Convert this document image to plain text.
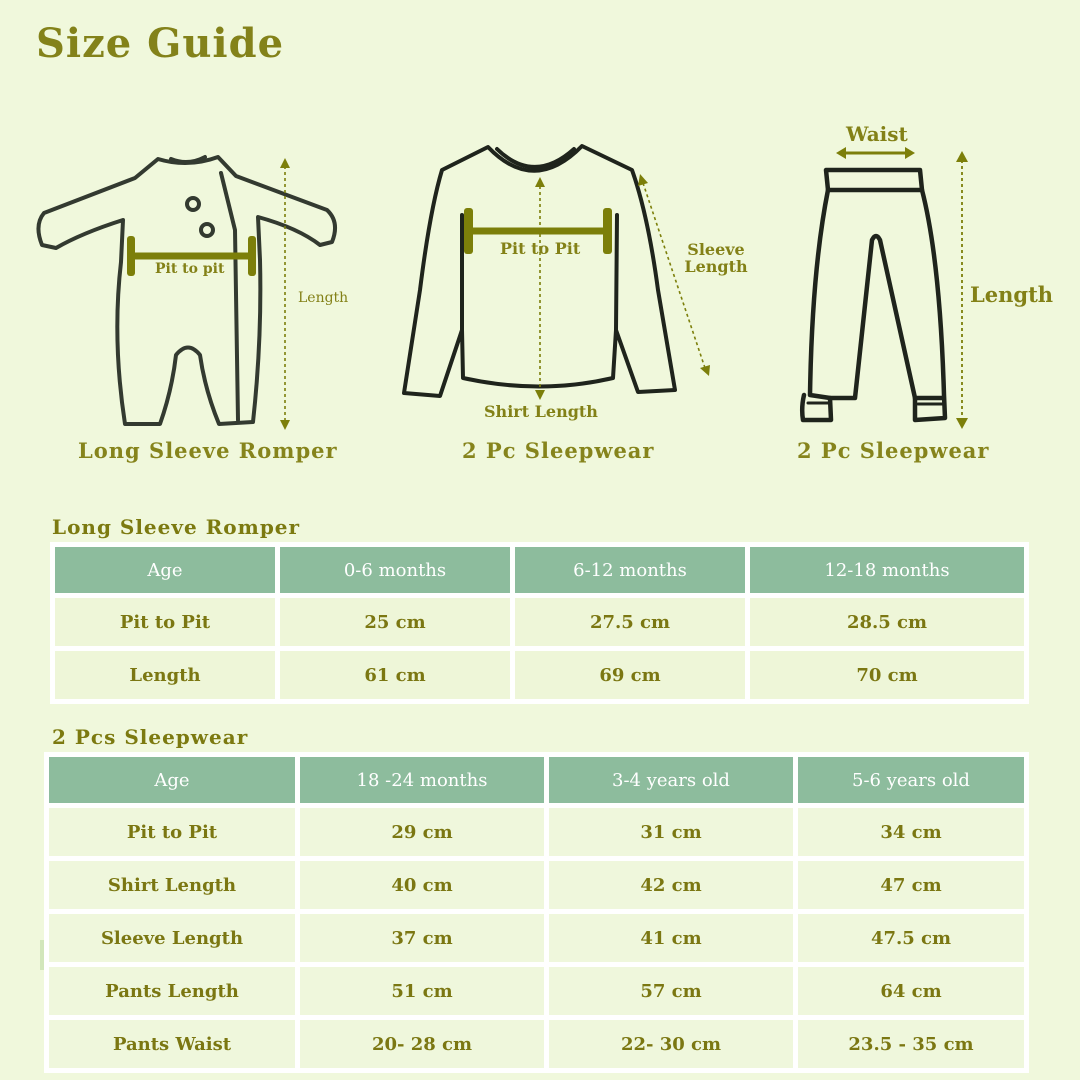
Size Guide
Pit to pit
Length
Pit to Pit
Shirt Length
Sleeve Length
Waist
Length
Long Sleeve Romper	2 Pc Sleepwear	2 Pc Sleepwear
Long Sleeve Romper
Age	0-6 months	6-12 months	12-18 months
Pit to Pit	25 cm	27.5 cm	28.5 cm
Length	61 cm	69 cm	70 cm
2 Pcs Sleepwear
Age	18 -24 months	3-4 years old	5-6 years old
Pit to Pit	29 cm	31 cm	34 cm
Shirt Length	40 cm	42 cm	47 cm
Sleeve Length	37 cm	41 cm	47.5 cm
Pants Length	51 cm	57 cm	64 cm
Pants Waist	20- 28 cm	22- 30 cm	23.5 - 35 cm
